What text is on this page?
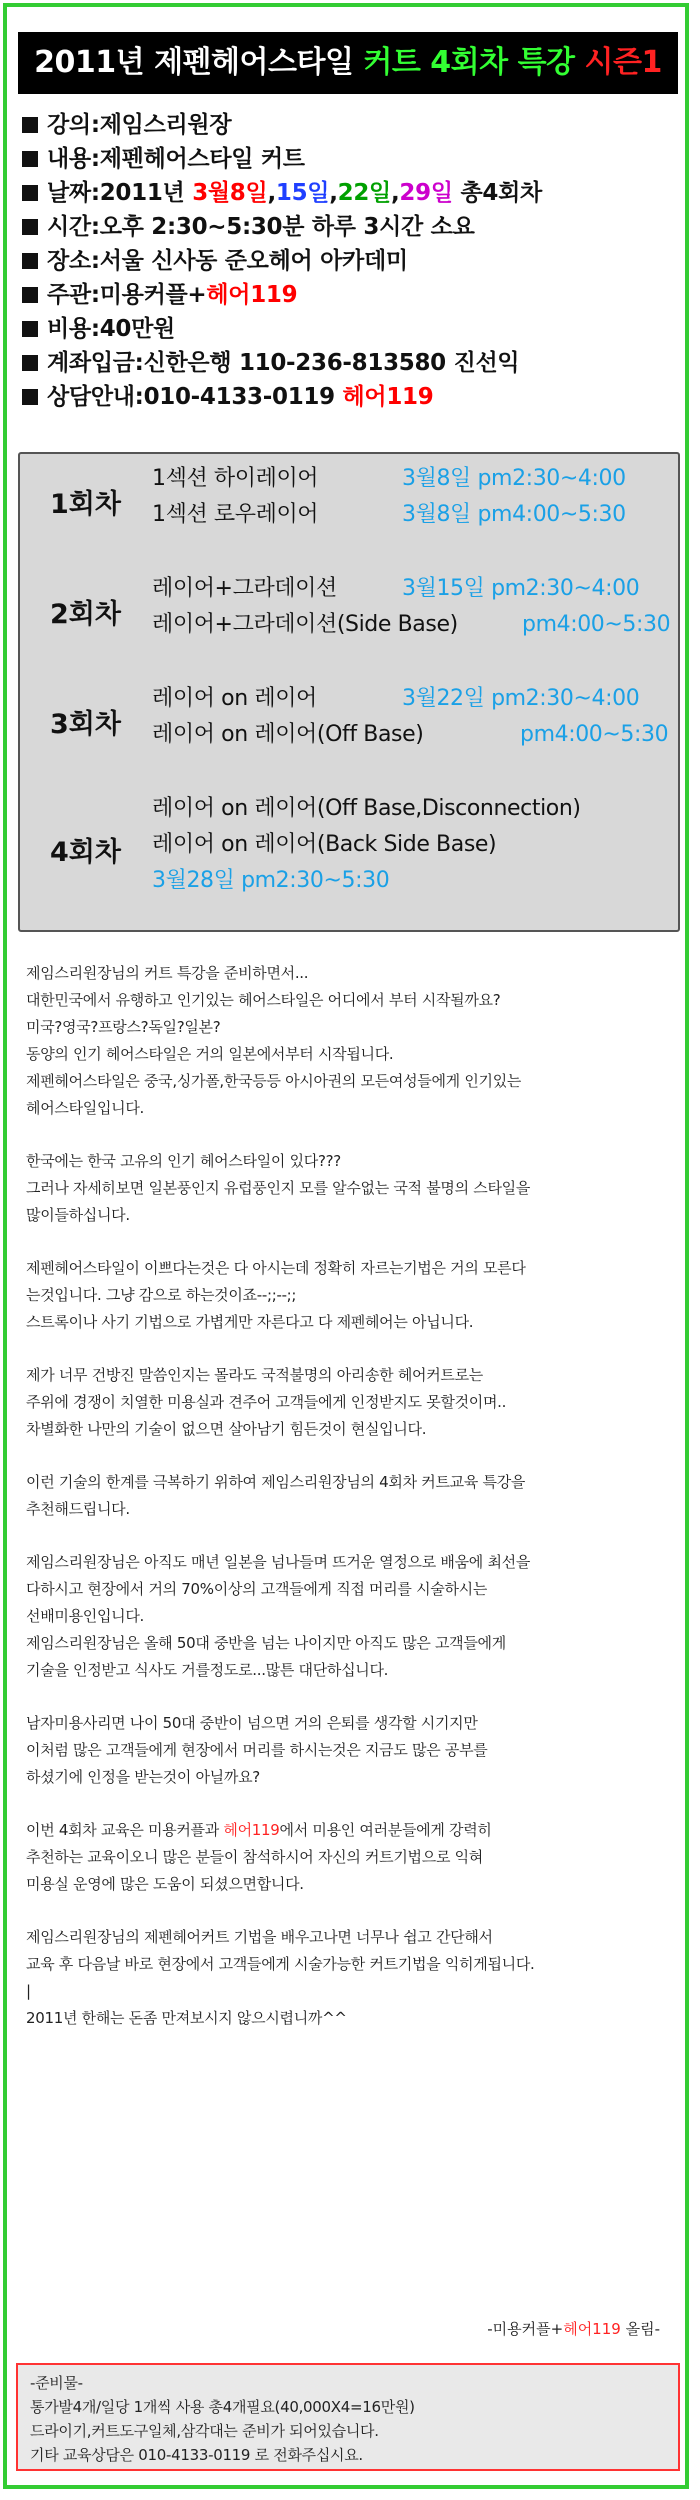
2011년 제펜헤어스타일 커트 4회차 특강 시즌1
강의:제임스리원장
내용:제펜헤어스타일 커트
날짜:2011년 3월8일,15일,22일,29일 총4회차
시간:오후 2:30~5:30분 하루 3시간 소요
장소:서울 신사동 준오헤어 아카데미
주관:미용커플+헤어119
비용:40만원
계좌입금:신한은행 110-236-813580 진선익
상담안내:010-4133-0119 헤어119
1회차
1섹션 하이레이어	3월8일 pm2:30~4:00
1섹션 로우레이어	3월8일 pm4:00~5:30
2회차
레이어+그라데이션	3월15일 pm2:30~4:00
레이어+그라데이션(Side Base)	pm4:00~5:30
3회차
레이어 on 레이어	3월22일 pm2:30~4:00
레이어 on 레이어(Off Base)	pm4:00~5:30
4회차
레이어 on 레이어(Off Base,Disconnection)
레이어 on 레이어(Back Side Base)
3월28일 pm2:30~5:30
제임스리원장님의 커트 특강을 준비하면서...
대한민국에서 유행하고 인기있는 헤어스타일은 어디에서 부터 시작될까요?
미국?영국?프랑스?독일?일본?
동양의 인기 헤어스타일은 거의 일본에서부터 시작됩니다.
제펜헤어스타일은 중국,싱가폴,한국등등 아시아권의 모든여성들에게 인기있는
헤어스타일입니다.
한국에는 한국 고유의 인기 헤어스타일이 있다???
그러나 자세히보면 일본풍인지 유럽풍인지 모를 알수없는 국적 불명의 스타일을
많이들하십니다.
제펜헤어스타일이 이쁘다는것은 다 아시는데 정확히 자르는기법은 거의 모른다
는것입니다. 그냥 감으로 하는것이죠--;;--;;
스트록이나 사기 기법으로 가볍게만 자른다고 다 제펜헤어는 아닙니다.
제가 너무 건방진 말씀인지는 몰라도 국적불명의 아리송한 헤어커트로는
주위에 경쟁이 치열한 미용실과 견주어 고객들에게 인정받지도 못할것이며..
차별화한 나만의 기술이 없으면 살아남기 힘든것이 현실입니다.
이런 기술의 한계를 극복하기 위하여 제임스리원장님의 4회차 커트교육 특강을
추천해드립니다.
제임스리원장님은 아직도 매년 일본을 넘나들며 뜨거운 열정으로 배움에 최선을
다하시고 현장에서 거의 70%이상의 고객들에게 직접 머리를 시술하시는
선배미용인입니다.
제임스리원장님은 올해 50대 중반을 넘는 나이지만 아직도 많은 고객들에게
기술을 인정받고 식사도 거를정도로...많튼 대단하십니다.
남자미용사리면 나이 50대 중반이 넘으면 거의 은퇴를 생각할 시기지만
이처럼 많은 고객들에게 현장에서 머리를 하시는것은 지금도 많은 공부를
하셨기에 인정을 받는것이 아닐까요?
이번 4회차 교육은 미용커플과 헤어119에서 미용인 여러분들에게 강력히
추천하는 교육이오니 많은 분들이 참석하시어 자신의 커트기법으로 익혀
미용실 운영에 많은 도움이 되셨으면합니다.
제임스리원장님의 제펜헤어커트 기법을 배우고나면 너무나 쉽고 간단해서
교육 후 다음날 바로 현장에서 고객들에게 시술가능한 커트기법을 익히게됩니다.
|
2011년 한해는 돈좀 만져보시지 않으시렵니까^^
-미용커플+헤어119 올림-
-준비물-
통가발4개/일당 1개씩 사용 총4개필요(40,000X4=16만원)
드라이기,커트도구일체,삼각대는 준비가 되어있습니다.
기타 교육상담은 010-4133-0119 로 전화주십시요.
